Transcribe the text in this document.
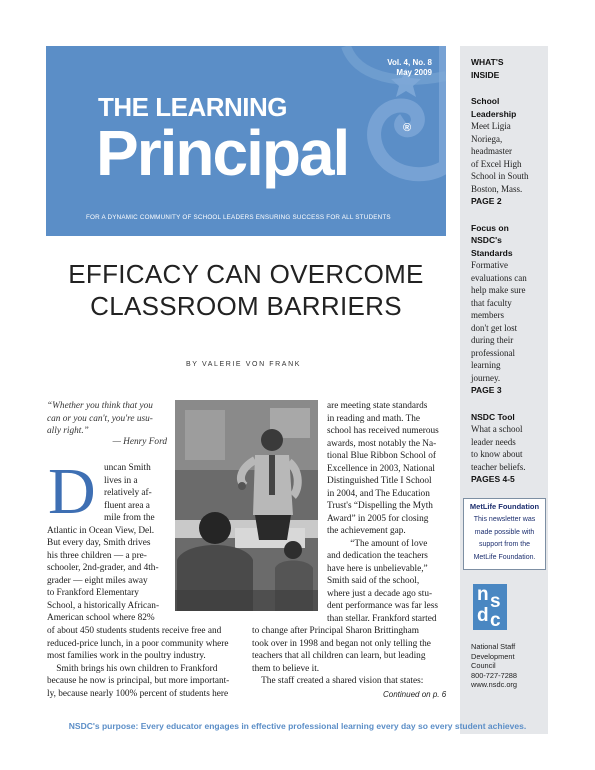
Vol. 4, No. 8
May 2009
THE LEARNING
Principal	®
FOR A DYNAMIC COMMUNITY OF SCHOOL LEADERS ENSURING SUCCESS FOR ALL STUDENTS
WHAT'S
INSIDE
School
Leadership
Meet Ligia
Noriega,
headmaster
of Excel High
School in South
Boston, Mass.
PAGE 2
Focus on
NSDC's
Standards
Formative
evaluations can
help make sure
that faculty
members
don't get lost
during their
professional
learning
journey.
PAGE 3
NSDC Tool
What a school
leader needs
to know about
teacher beliefs.
PAGES 4-5
MetLife Foundation
This newsletter was
made possible with
support from the
MetLife Foundation.
n s
d c
National Staff
Development
Council
800-727-7288
www.nsdc.org
EFFICACY CAN OVERCOME
CLASSROOM BARRIERS
BY VALERIE VON FRANK
“Whether you think that you
can or you can't, you're usu-
ally right.”
— Henry Ford
D uncan Smith
lives in a
relatively af-
fluent area a
mile from the
Atlantic in Ocean View, Del.
But every day, Smith drives
his three children — a pre-
schooler, 2nd-grader, and 4th-
grader — eight miles away
to Frankford Elementary
School, a historically African-
American school where 82%
of about 450 students students receive free and
reduced-price lunch, in a poor community where
most families work in the poultry industry.
Smith brings his own children to Frankford
because he now is principal, but more important-
ly, because nearly 100% percent of students here
are meeting state standards
in reading and math. The
school has received numerous
awards, most notably the Na-
tional Blue Ribbon School of
Excellence in 2003, National
Distinguished Title I School
in 2004, and The Education
Trust's “Dispelling the Myth
Award” in 2005 for closing
the achievement gap.
“The amount of love
and dedication the teachers
have here is unbelievable,”
Smith said of the school,
where just a decade ago stu-
dent performance was far less
than stellar. Frankford started
to change after Principal Sharon Brittingham
took over in 1998 and began not only telling the
teachers that all children can learn, but leading
them to believe it.
The staff created a shared vision that states:
Continued on p. 6
NSDC's purpose: Every educator engages in effective professional learning every day so every student achieves.
